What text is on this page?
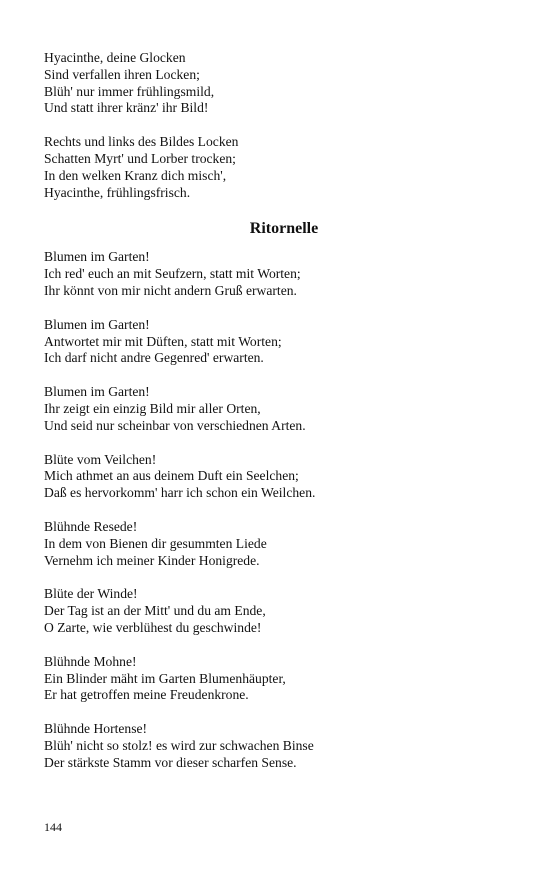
Hyacinthe, deine Glocken
Sind verfallen ihren Locken;
Blüh' nur immer frühlingsmild,
Und statt ihrer kränz' ihr Bild!
Rechts und links des Bildes Locken
Schatten Myrt' und Lorber trocken;
In den welken Kranz dich misch',
Hyacinthe, frühlingsfrisch.
Ritornelle
Blumen im Garten!
Ich red' euch an mit Seufzern, statt mit Worten;
Ihr könnt von mir nicht andern Gruß erwarten.
Blumen im Garten!
Antwortet mir mit Düften, statt mit Worten;
Ich darf nicht andre Gegenred' erwarten.
Blumen im Garten!
Ihr zeigt ein einzig Bild mir aller Orten,
Und seid nur scheinbar von verschiednen Arten.
Blüte vom Veilchen!
Mich athmet an aus deinem Duft ein Seelchen;
Daß es hervorkomm' harr ich schon ein Weilchen.
Blühnde Resede!
In dem von Bienen dir gesummten Liede
Vernehm ich meiner Kinder Honigrede.
Blüte der Winde!
Der Tag ist an der Mitt' und du am Ende,
O Zarte, wie verblühest du geschwinde!
Blühnde Mohne!
Ein Blinder mäht im Garten Blumenhäupter,
Er hat getroffen meine Freudenkrone.
Blühnde Hortense!
Blüh' nicht so stolz! es wird zur schwachen Binse
Der stärkste Stamm vor dieser scharfen Sense.
144
